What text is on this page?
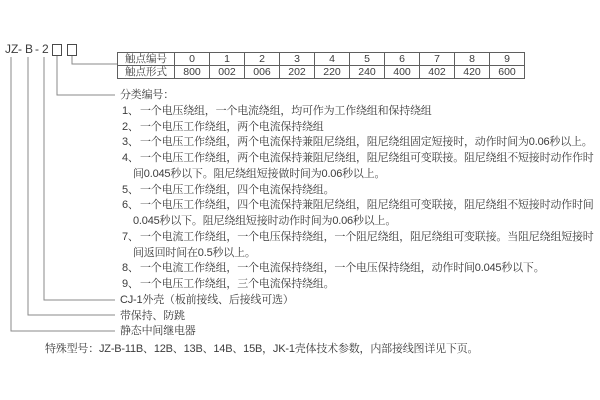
JZ - B - 2
触点编号	0	1	2	3	4	5	6	7	8	9
触点形式	800	002	006	202	220	240	400	402	420	600
分类编号：
1、一个电压绕组，一个电流绕组，均可作为工作绕组和保持绕组
2、一个电压工作绕组，两个电流保持绕组
3、一个电压工作绕组，两个电流保持兼阻尼绕组，阻尼绕组固定短接时，动作时间为0.06秒以上。
4、一个电压工作绕组，两个电流保持兼阻尼绕组，阻尼绕组可变联接。阻尼绕组不短接时动作作时
间0.045秒以下。阻尼绕组短接做时间为0.06秒以上。
5、一个电压工作绕组，四个电流保持绕组。
6、一个电压工作绕组，四个电流保持兼阻尼绕组，阻尼绕组可变联接，阻尼绕组不短接时动作时间
0.045秒以下。阻尼绕组短接时动作时间为0.06秒以上。
7、一个电流工作绕组，一个电压保持绕组，一个阻尼绕组，阻尼绕组可变联接。当阻尼绕组短接时
间返回时间在0.5秒以上。
8、一个电流工作绕组，一个电流保持绕组，一个电压保持绕组，动作时间0.045秒以下。
9、一个电压工作绕组，三个电流保持绕组。
CJ-1外壳（板前接线、后接线可选）
带保持、防跳
静态中间继电器
特殊型号：JZ-B-11B、12B、13B、14B、15B，JK-1壳体技术参数，内部接线图详见下页。
